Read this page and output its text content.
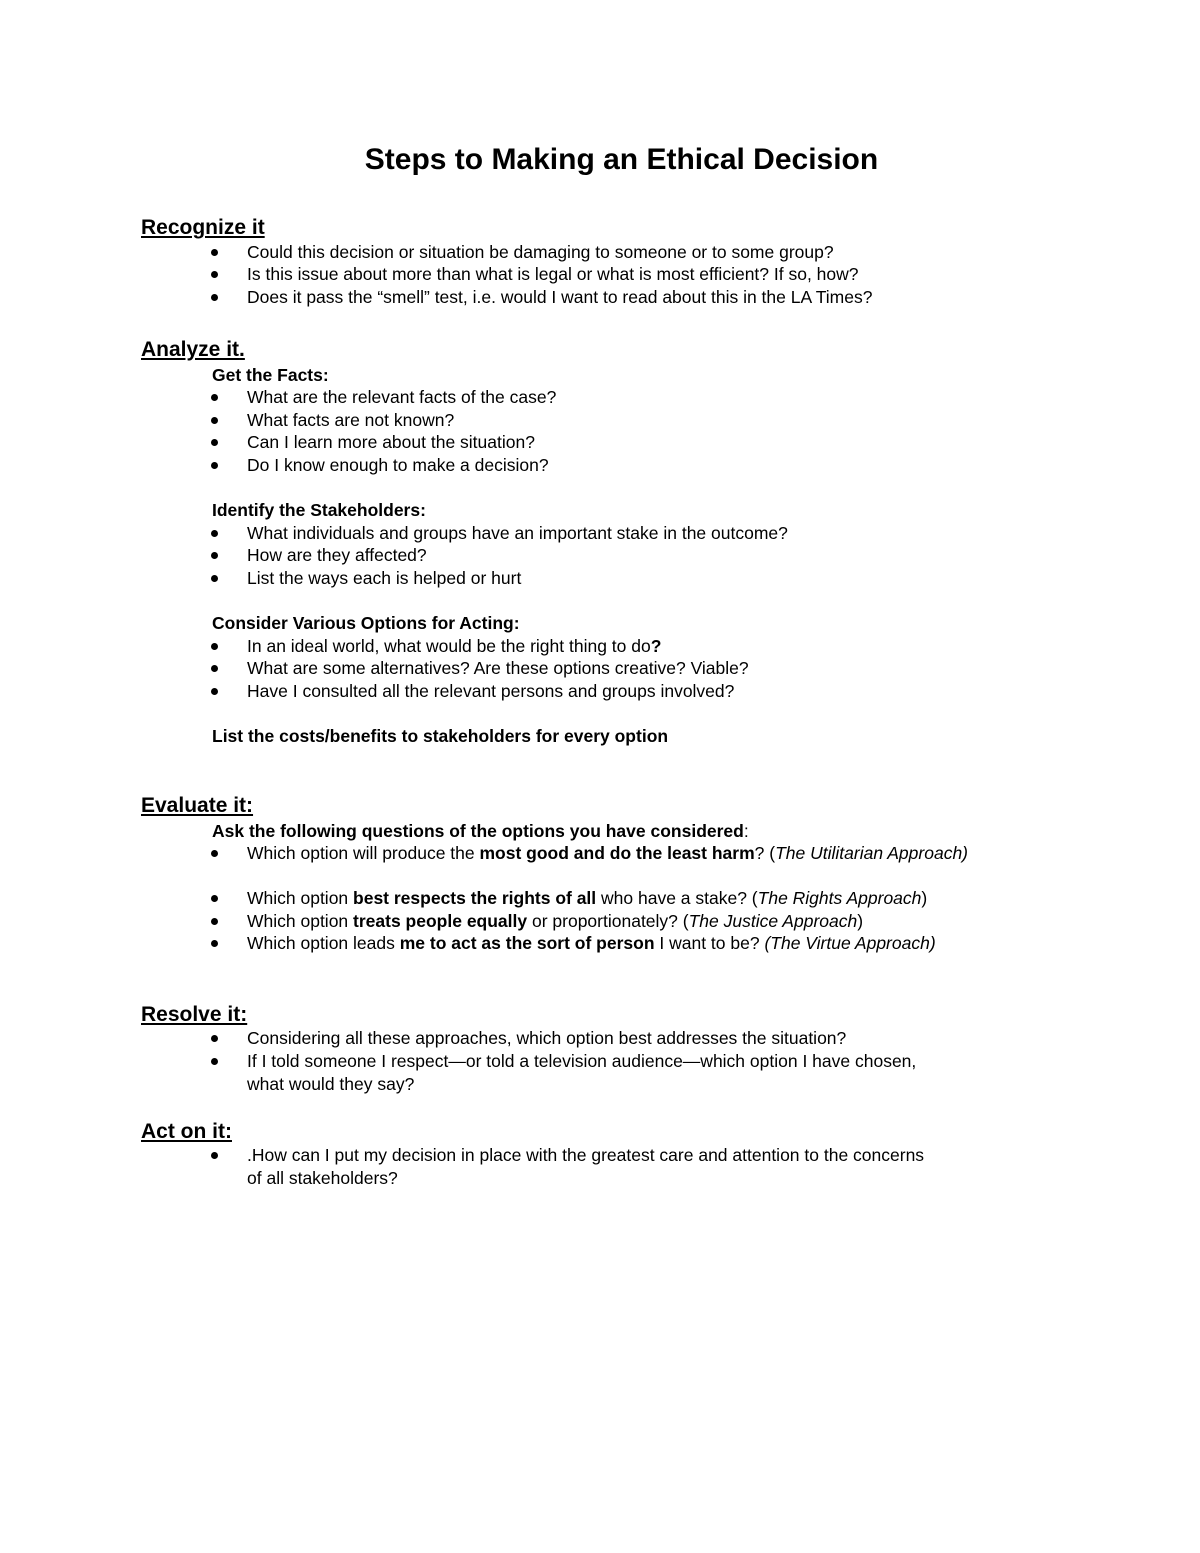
Steps to Making an Ethical Decision
Recognize it
Could this decision or situation be damaging to someone or to some group?
Is this issue about more than what is legal or what is most efficient? If so, how?
Does it pass the “smell” test, i.e. would I want to read about this in the LA Times?
Analyze it.
Get the Facts:
What are the relevant facts of the case?
What facts are not known?
Can I learn more about the situation?
Do I know enough to make a decision?
Identify the Stakeholders:
What individuals and groups have an important stake in the outcome?
How are they affected?
List the ways each is helped or hurt
Consider Various Options for Acting:
In an ideal world, what would be the right thing to do?
What are some alternatives? Are these options creative? Viable?
Have I consulted all the relevant persons and groups involved?
List the costs/benefits to stakeholders for every option
Evaluate it:
Ask the following questions of the options you have considered:
Which option will produce the most good and do the least harm? (The Utilitarian Approach)
Which option best respects the rights of all who have a stake? (The Rights Approach)
Which option treats people equally or proportionately? (The Justice Approach)
Which option leads me to act as the sort of person I want to be? (The Virtue Approach)
Resolve it:
Considering all these approaches, which option best addresses the situation?
If I told someone I respect—or told a television audience—which option I have chosen, what would they say?
Act on it:
.How can I put my decision in place with the greatest care and attention to the concerns of all stakeholders?
